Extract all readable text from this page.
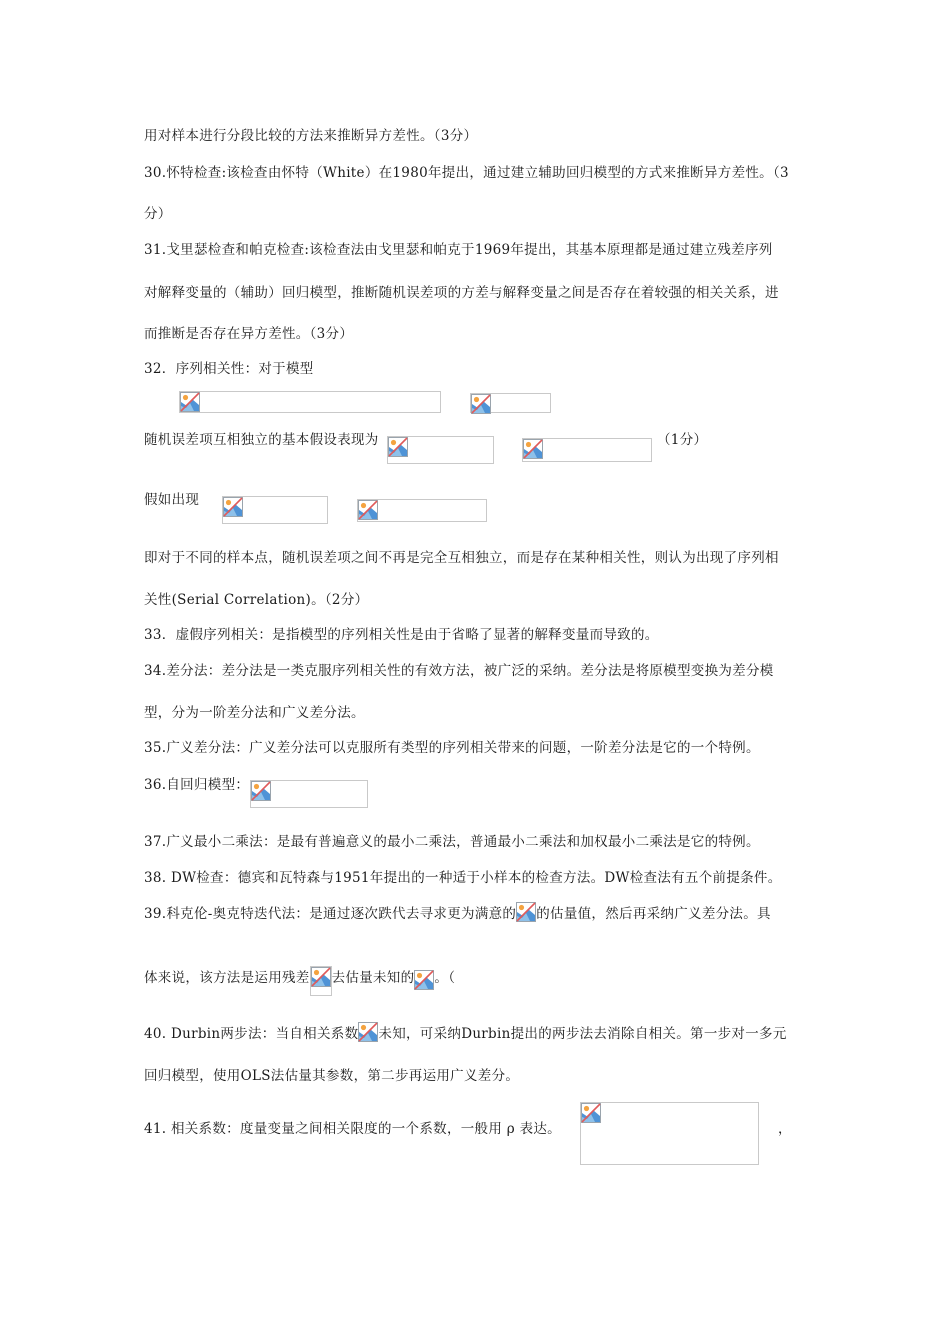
用对样本进行分段比较的方法来推断异方差性。（3分）
30.怀特检查:该检查由怀特（White）在1980年提出，通过建立辅助回归模型的方式来推断异方差性。（3
分）
31.戈里瑟检查和帕克检查:该检查法由戈里瑟和帕克于1969年提出，其基本原理都是通过建立残差序列
对解释变量的（辅助）回归模型，推断随机误差项的方差与解释变量之间是否存在着较强的相关关系，进
而推断是否存在异方差性。（3分）
32．序列相关性：对于模型
随机误差项互相独立的基本假设表现为	（1分）
假如出现
即对于不同的样本点，随机误差项之间不再是完全互相独立，而是存在某种相关性，则认为出现了序列相
关性(Serial Correlation)。（2分）
33．虚假序列相关：是指模型的序列相关性是由于省略了显著的解释变量而导致的。
34.差分法：差分法是一类克服序列相关性的有效方法，被广泛的采纳。差分法是将原模型变换为差分模
型，分为一阶差分法和广义差分法。
35.广义差分法：广义差分法可以克服所有类型的序列相关带来的问题，一阶差分法是它的一个特例。
36.自回归模型：
37.广义最小二乘法：是最有普遍意义的最小二乘法，普通最小二乘法和加权最小二乘法是它的特例。
38. DW检查：德宾和瓦特森与1951年提出的一种适于小样本的检查方法。DW检查法有五个前提条件。
39.科克伦-奥克特迭代法：是通过逐次跌代去寻求更为满意的 的估量值，然后再采纳广义差分法。具
体来说，该方法是运用残差 去估量未知的 。（
40. Durbin两步法：当自相关系数 未知，可采纳Durbin提出的两步法去消除自相关。第一步对一多元
回归模型，使用OLS法估量其参数，第二步再运用广义差分。
41. 相关系数：度量变量之间相关限度的一个系数，一般用 ρ 表达。	，
